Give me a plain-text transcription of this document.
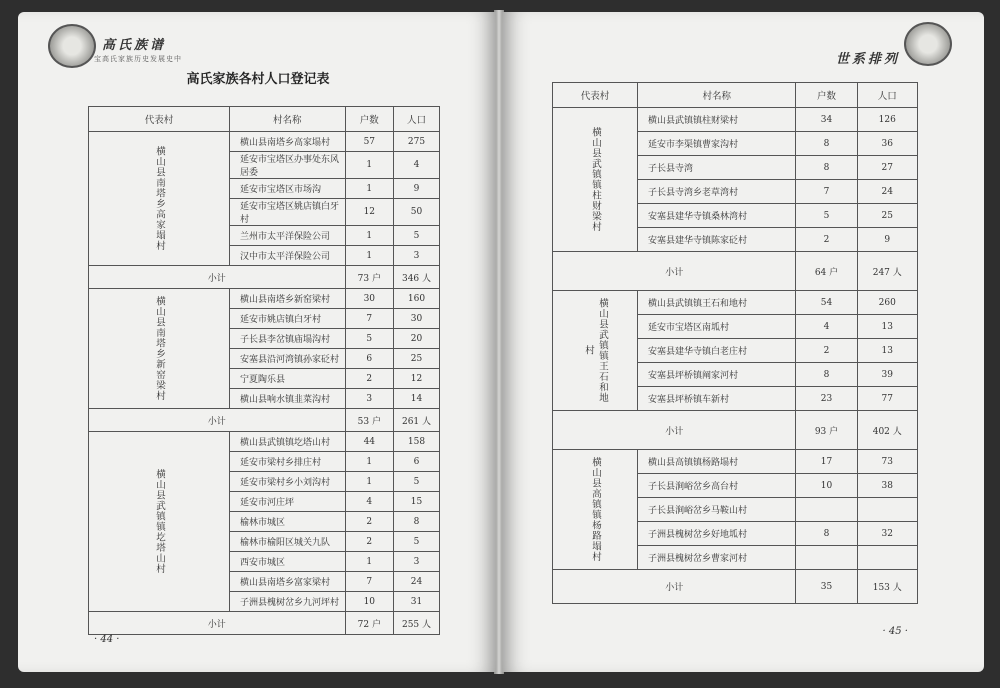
高氏族谱
宝高氏家族历史发展史中
高氏家族各村人口登记表
代表村	村名称	户数	人口
横山县南塔乡高家塌村	横山县南塔乡高家塌村	57	275
	延安市宝塔区办事处东风居委	1	4
	延安市宝塔区市场沟	1	9
	延安市宝塔区姚店镇白牙村	12	50
	兰州市太平洋保险公司	1	5
	汉中市太平洋保险公司	1	3
小计		73 户	346 人
横山县南塔乡新窑梁村	横山县南塔乡新窑梁村	30	160
	延安市姚店镇白牙村	7	30
	子长县李岔镇庙塌沟村	5	20
	安塞县沿河湾镇孙家砭村	6	25
	宁夏陶乐县	2	12
	横山县响水镇韭菜沟村	3	14
小计		53 户	261 人
横山县武镇镇圪塔山村	横山县武镇镇圪塔山村	44	158
	延安市梁村乡排庄村	1	6
	延安市梁村乡小刘沟村	1	5
	延安市河庄坪	4	15
	榆林市城区	2	8
	榆林市榆阳区城关九队	2	5
	西安市城区	1	3
	横山县南塔乡富家梁村	7	24
	子洲县槐树岔乡九河坪村	10	31
小计		72 户	255 人
· 44 ·
世系排列
代表村	村名称	户数	人口
横山县武镇镇柱财梁村	横山县武镇镇柱财梁村	34	126
	延安市李渠镇曹家沟村	8	36
	子长县寺湾	8	27
	子长县寺湾乡老草湾村	7	24
	安塞县建华寺镇桑林湾村	5	25
	安塞县建华寺镇陈家砭村	2	9
小计		64 户	247 人
横山县武镇镇王石和地村	横山县武镇镇王石和地村	54	260
	延安市宝塔区南坬村	4	13
	安塞县建华寺镇白老庄村	2	13
	安塞县坪桥镇阐家河村	8	39
	安塞县坪桥镇车新村	23	77
小计		93 户	402 人
横山县高镇镇杨路塌村	横山县高镇镇杨路塌村	17	73
	子长县涧峪岔乡高台村	10	38
	子长县涧峪岔乡马鞍山村		
	子洲县槐树岔乡好地坬村	8	32
	子洲县槐树岔乡曹家河村		
小计		35	153 人
· 45 ·
